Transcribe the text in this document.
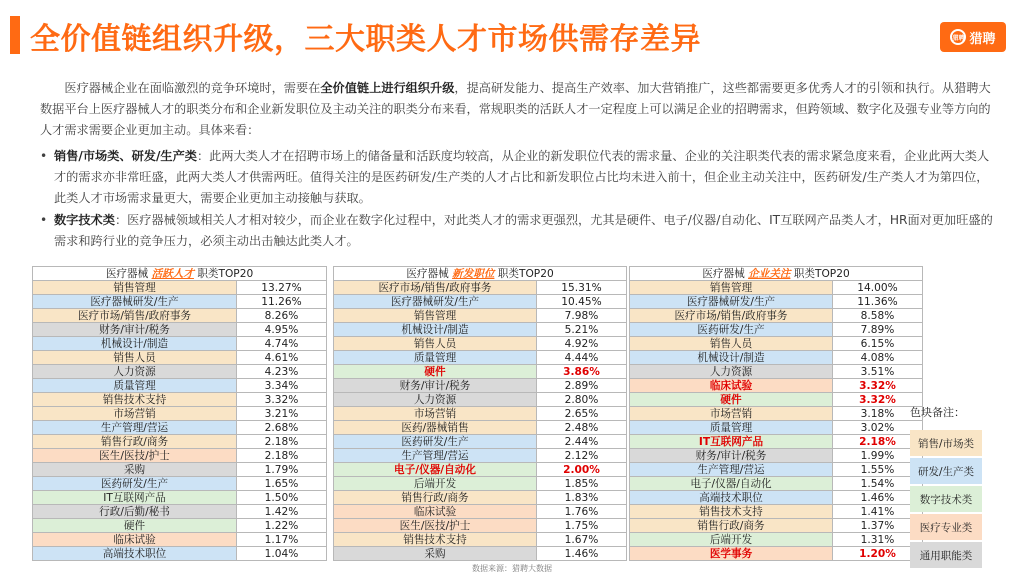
全价值链组织升级，三大职类人才市场供需存差异	猎聘 猎聘
医疗器械企业在面临激烈的竞争环境时，需要在全价值链上进行组织升级，提高研发能力、提高生产效率、加大营销推广，这些都需要更多优秀人才的引领和执行。从猎聘大数据平台上医疗器械人才的职类分布和企业新发职位及主动关注的职类分布来看，常规职类的活跃人才一定程度上可以满足企业的招聘需求，但跨领域、数字化及强专业等方向的人才需求需要企业更加主动。具体来看：
• 销售/市场类、研发/生产类：此两大类人才在招聘市场上的储备量和活跃度均较高，从企业的新发职位代表的需求量、企业的关注职类代表的需求紧急度来看，企业此两大类人才的需求亦非常旺盛，此两大类人才供需两旺。值得关注的是医药研发/生产类的人才占比和新发职位占比均未进入前十，但企业主动关注中，医药研发/生产类人才为第四位，此类人才市场需求量更大，需要企业更加主动接触与获取。
• 数字技术类：医疗器械领域相关人才相对较少，而企业在数字化过程中，对此类人才的需求更强烈，尤其是硬件、电子/仪器/自动化、IT互联网产品类人才，HR面对更加旺盛的需求和跨行业的竞争压力，必须主动出击触达此类人才。
医疗器械 活跃人才 职类TOP20	
销售管理	13.27%
医疗器械研发/生产	11.26%
医疗市场/销售/政府事务	8.26%
财务/审计/税务	4.95%
机械设计/制造	4.74%
销售人员	4.61%
人力资源	4.23%
质量管理	3.34%
销售技术支持	3.32%
市场营销	3.21%
生产管理/营运	2.68%
销售行政/商务	2.18%
医生/医技/护士	2.18%
采购	1.79%
医药研发/生产	1.65%
IT互联网产品	1.50%
行政/后勤/秘书	1.42%
硬件	1.22%
临床试验	1.17%
高端技术职位	1.04%
医疗器械 新发职位 职类TOP20	
医疗市场/销售/政府事务	15.31%
医疗器械研发/生产	10.45%
销售管理	7.98%
机械设计/制造	5.21%
销售人员	4.92%
质量管理	4.44%
硬件	3.86%
财务/审计/税务	2.89%
人力资源	2.80%
市场营销	2.65%
医药/器械销售	2.48%
医药研发/生产	2.44%
生产管理/营运	2.12%
电子/仪器/自动化	2.00%
后端开发	1.85%
销售行政/商务	1.83%
临床试验	1.76%
医生/医技/护士	1.75%
销售技术支持	1.67%
采购	1.46%
医疗器械 企业关注 职类TOP20	
销售管理	14.00%
医疗器械研发/生产	11.36%
医疗市场/销售/政府事务	8.58%
医药研发/生产	7.89%
销售人员	6.15%
机械设计/制造	4.08%
人力资源	3.51%
临床试验	3.32%
硬件	3.32%
市场营销	3.18%
质量管理	3.02%
IT互联网产品	2.18%
财务/审计/税务	1.99%
生产管理/营运	1.55%
电子/仪器/自动化	1.54%
高端技术职位	1.46%
销售技术支持	1.41%
销售行政/商务	1.37%
后端开发	1.31%
医学事务	1.20%
色块备注：
销售/市场类
研发/生产类
数字技术类
医疗专业类
通用职能类
数据来源：猎聘大数据
